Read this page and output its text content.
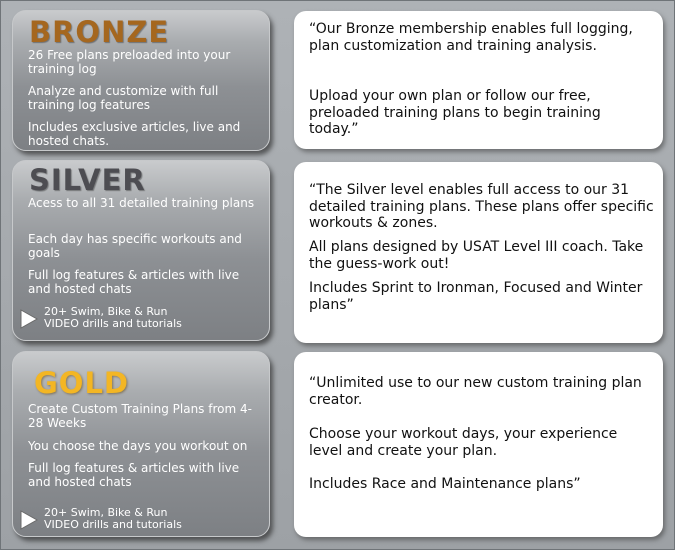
BRONZE
26 Free plans preloaded into your training log
Analyze and customize with full training log features
Includes exclusive articles, live and hosted chats.
“Our Bronze membership enables full logging, plan customization and training analysis.
Upload your own plan or follow our free, preloaded training plans to begin training today.”
SILVER
Acess to all 31 detailed training plans
Each day has specific workouts and goals
Full log features & articles with live and hosted chats
20+ Swim, Bike & Run
VIDEO drills and tutorials
“The Silver level enables full access to our 31 detailed training plans. These plans offer specific workouts & zones.
All plans designed by USAT Level III coach. Take the guess-work out!
Includes Sprint to Ironman, Focused and Winter plans”
GOLD
Create Custom Training Plans from 4-28 Weeks
You choose the days you workout on
Full log features & articles with live and hosted chats
20+ Swim, Bike & Run
VIDEO drills and tutorials
“Unlimited use to our new custom training plan creator.
Choose your workout days, your experience level and create your plan.
Includes Race and Maintenance plans”
